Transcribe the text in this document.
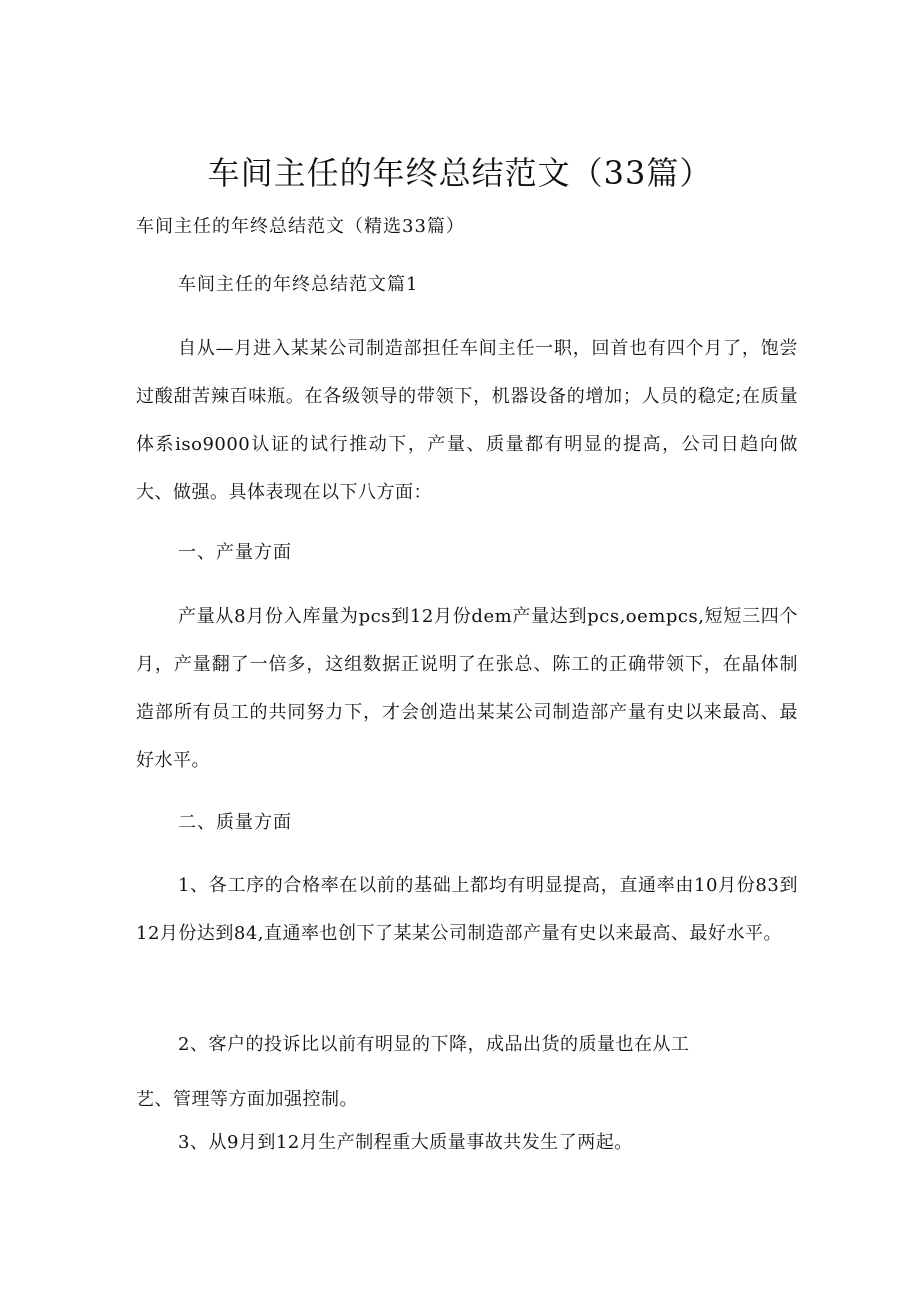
车间主任的年终总结范文（33篇）
车间主任的年终总结范文（精选33篇）
车间主任的年终总结范文篇1
自从—月进入某某公司制造部担任车间主任一职，回首也有四个月了，饱尝过酸甜苦辣百味瓶。在各级领导的带领下，机器设备的增加；人员的稳定;在质量体系iso9000认证的试行推动下，产量、质量都有明显的提高，公司日趋向做大、做强。具体表现在以下八方面：
一、产量方面
产量从8月份入库量为pcs到12月份dem产量达到pcs,oempcs,短短三四个月，产量翻了一倍多，这组数据正说明了在张总、陈工的正确带领下，在晶体制造部所有员工的共同努力下，才会创造出某某公司制造部产量有史以来最高、最好水平。
二、质量方面
1、各工序的合格率在以前的基础上都均有明显提高，直通率由10月份83到12月份达到84,直通率也创下了某某公司制造部产量有史以来最高、最好水平。
2、客户的投诉比以前有明显的下降，成品出货的质量也在从工
艺、管理等方面加强控制。
3、从9月到12月生产制程重大质量事故共发生了两起。
